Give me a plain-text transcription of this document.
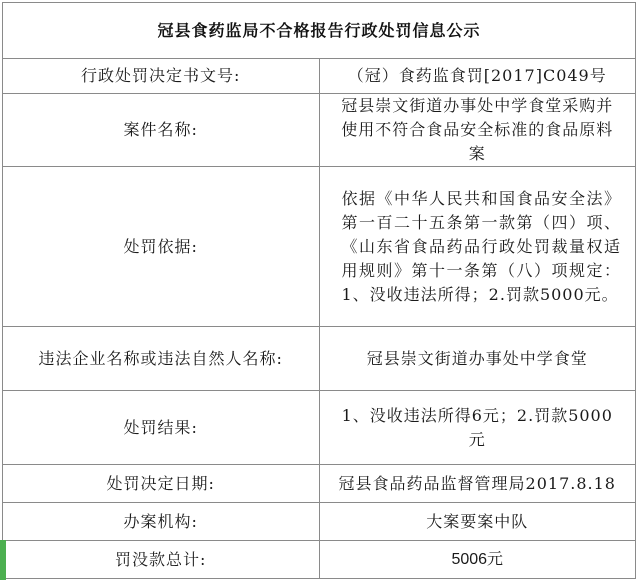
冠县食药监局不合格报告行政处罚信息公示	
行政处罚决定书文号:	（冠）食药监食罚[2017]C049号
案件名称:	冠县崇文街道办事处中学食堂采购并使用不符合食品安全标准的食品原料案
处罚依据:	依据《中华人民共和国食品安全法》第一百二十五条第一款第（四）项、《山东省食品药品行政处罚裁量权适用规则》第十一条第（八）项规定：1、没收违法所得；2.罚款5000元。

违法企业名称或违法自然人名称:	冠县崇文街道办事处中学食堂
处罚结果:	1、没收违法所得6元；2.罚款5000元
处罚决定日期:	冠县食品药品监督管理局2017.8.18
办案机构:	大案要案中队
罚没款总计:	5006元
